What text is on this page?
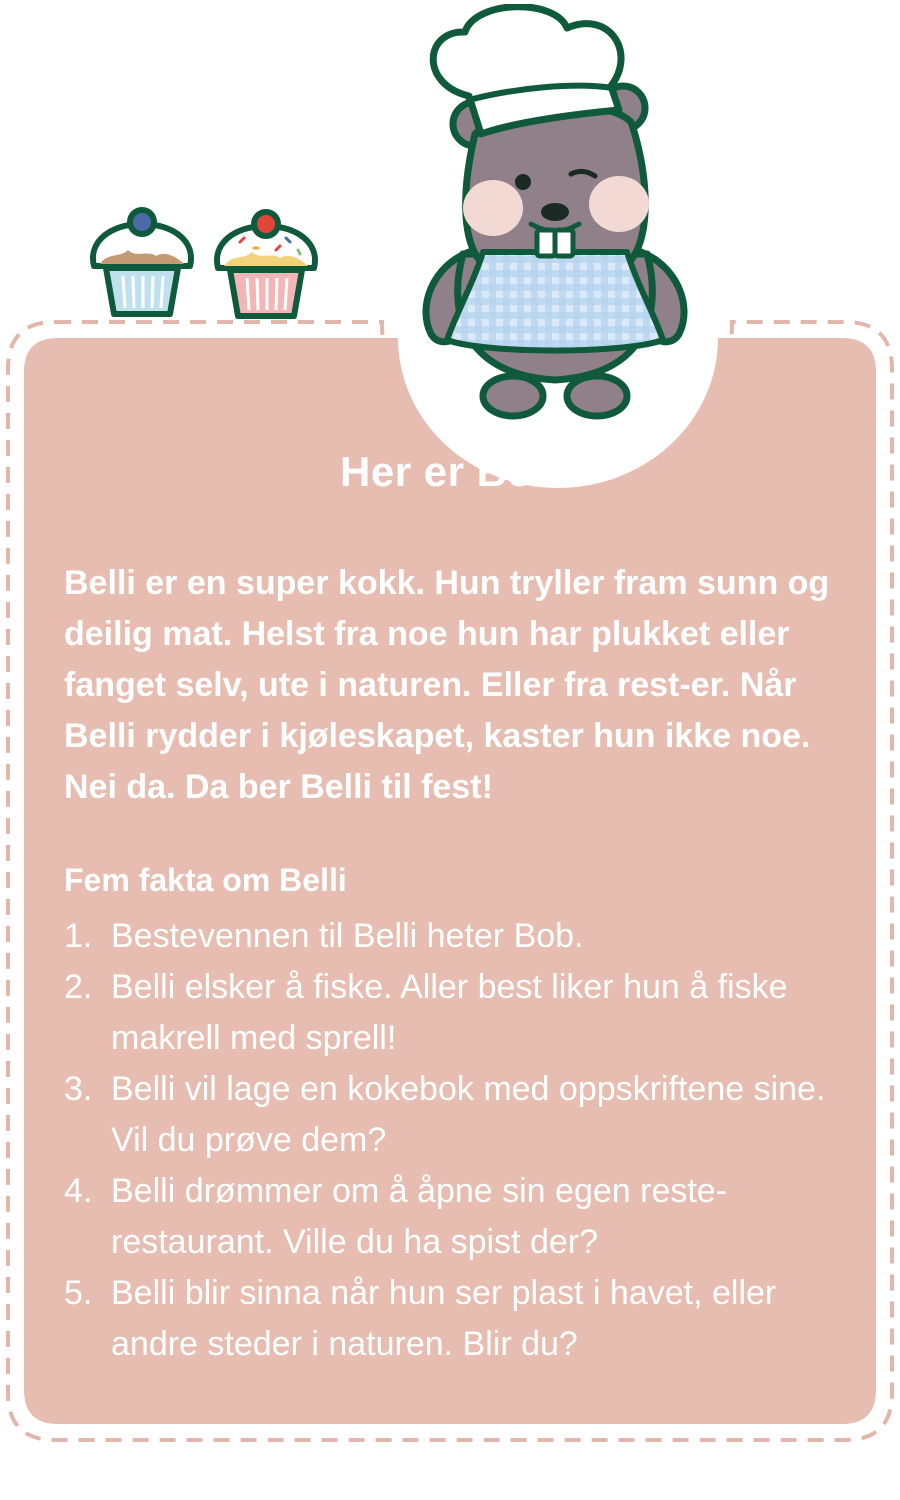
Her er Belli.

Belli er en super kokk. Hun tryller fram sunn og deilig mat. Helst fra noe hun har plukket eller fanget selv, ute i naturen. Eller fra rest-er. Når Belli rydder i kjøleskapet, kaster hun ikke noe. Nei da. Da ber Belli til fest!

Fem fakta om Belli
1. Bestevennen til Belli heter Bob.
2. Belli elsker å fiske. Aller best liker hun å fiske makrell med sprell!
3. Belli vil lage en kokebok med oppskriftene sine. Vil du prøve dem?
4. Belli drømmer om å åpne sin egen reste-restaurant. Ville du ha spist der?
5. Belli blir sinna når hun ser plast i havet, eller andre steder i naturen. Blir du?
